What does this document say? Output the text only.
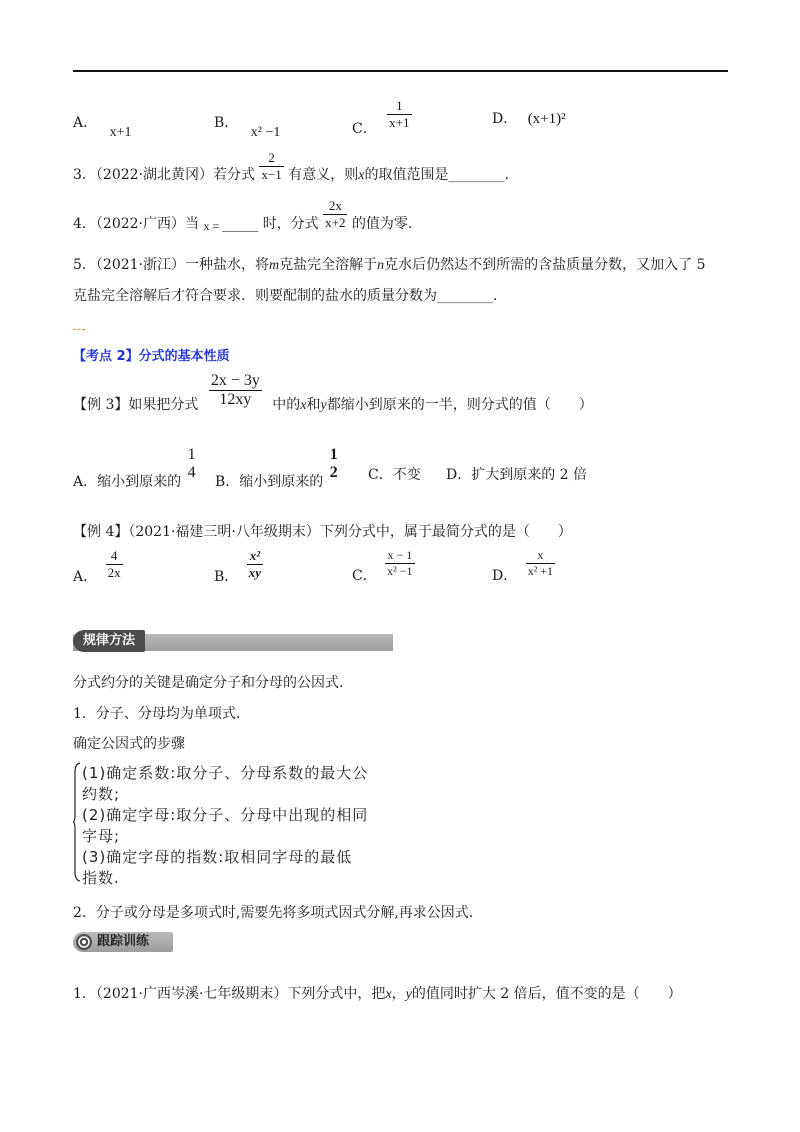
A． x+1
B． x² −1	C． $\frac{1}{x+1}$	D． (x+1)²
3．（2022·湖北黄冈）若分式 $\frac{2}{x-1}$ 有意义，则x的取值范围是________.
4．（2022·广西）当 x = ______ 时，分式 $\frac{2x}{x+2}$ 的值为零.
5．（2021·浙江）一种盐水，将m克盐完全溶解于n克水后仍然达不到所需的含盐质量分数，又加入了 5
克盐完全溶解后才符合要求．则要配制的盐水的质量分数为________．
【考点 2】分式的基本性质
【例 3】如果把分式 $\frac{2x - 3y}{12xy}$ 中的x和y都缩小到原来的一半，则分式的值（　　）
A．缩小到原来的
1
4
B．缩小到原来的
1
2 C．不变 D．扩大到原来的 2 倍
【例 4】（2021·福建三明·八年级期末）下列分式中，属于最简分式的是（　　）
A． $\frac{4}{2x}$	B． $\frac{\text{x²}}{xy}$	C． $\frac{x - 1}{\text{x² −1}}$	D． $\frac{x}{\text{x² +1}}$
规律方法
分式约分的关键是确定分子和分母的公因式.
1．分子、分母均为单项式.
确定公因式的步骤
(1)确定系数:取分子、分母系数的最大公
约数;
(2)确定字母:取分子、分母中出现的相同
字母;
(3)确定字母的指数:取相同字母的最低
指数.
2．分子或分母是多项式时,需要先将多项式因式分解,再求公因式.
跟踪训练
1．（2021·广西岑溪·七年级期末）下列分式中，把x，y的值同时扩大 2 倍后，值不变的是（　　）
